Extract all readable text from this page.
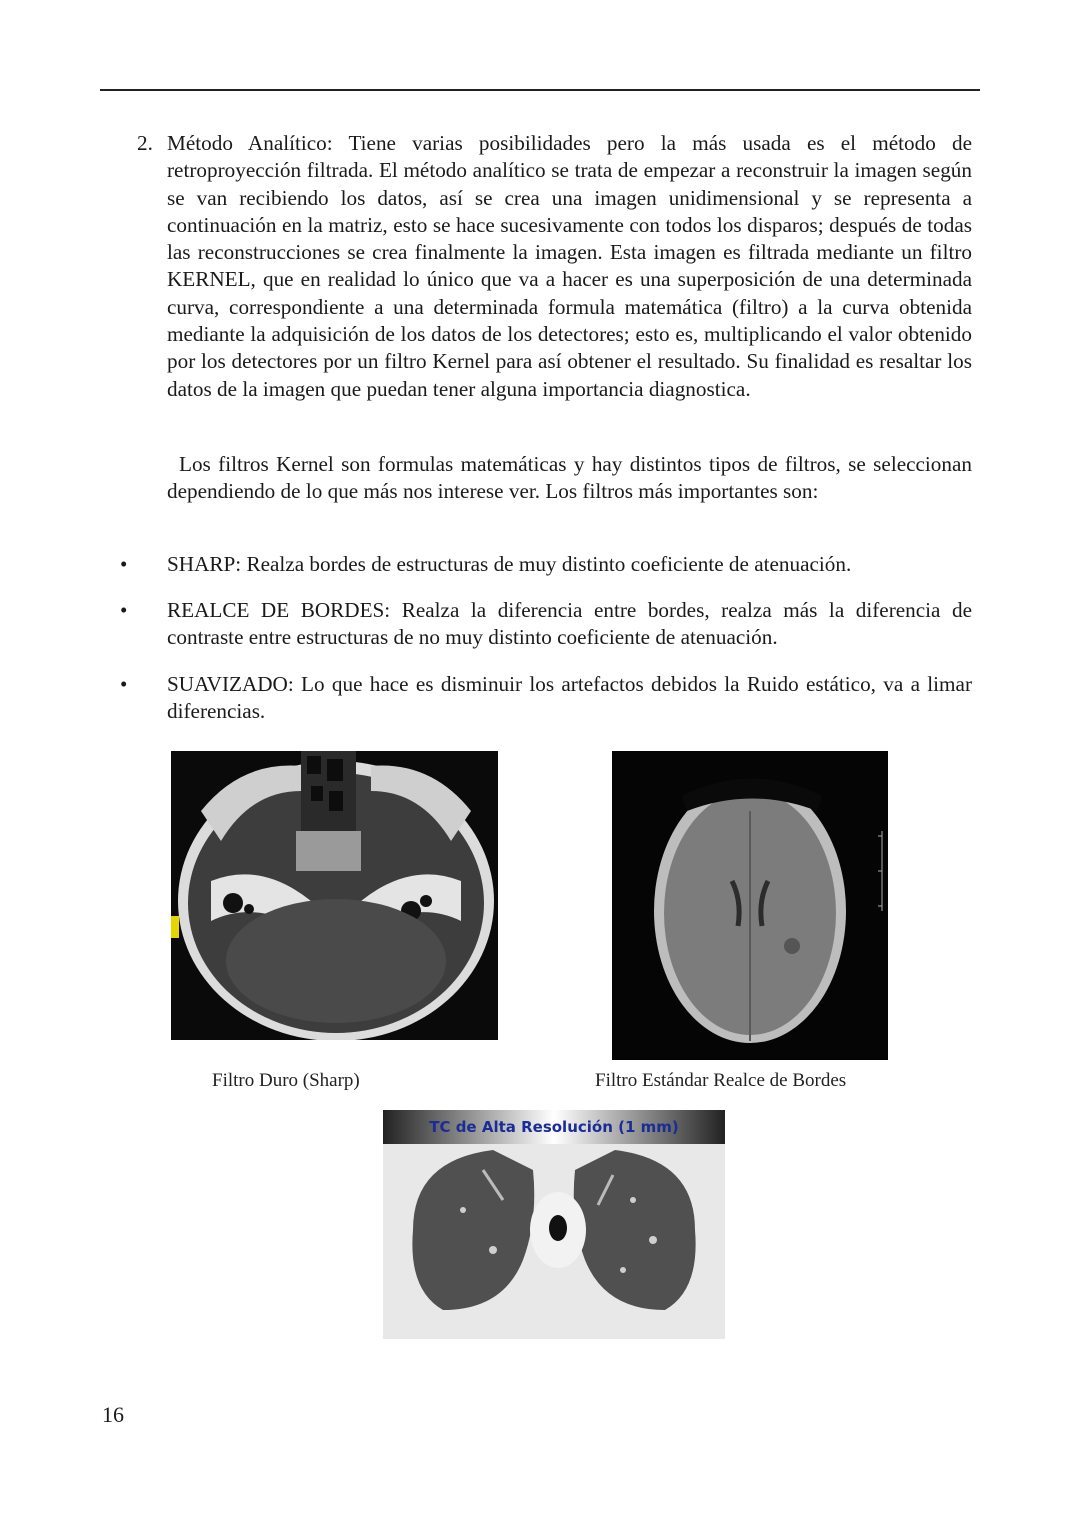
2. Método Analítico: Tiene varias posibilidades pero la más usada es el método de retroproyección filtrada. El método analítico se trata de empezar a reconstruir la imagen según se van recibiendo los datos, así se crea una imagen unidimensional y se representa a continuación en la matriz, esto se hace sucesivamente con todos los disparos; después de todas las reconstrucciones se crea finalmente la imagen. Esta imagen es filtrada mediante un filtro KERNEL, que en realidad lo único que va a hacer es una superposición de una determinada curva, correspondiente a una determinada formula matemática (filtro) a la curva obtenida mediante la adquisición de los datos de los detectores; esto es, multiplicando el valor obtenido por los detectores por un filtro Kernel para así obtener el resultado. Su finalidad es resaltar los datos de la imagen que puedan tener alguna importancia diagnostica.
Los filtros Kernel son formulas matemáticas y hay distintos tipos de filtros, se seleccionan dependiendo de lo que más nos interese ver. Los filtros más importantes son:
•	SHARP: Realza bordes de estructuras de muy distinto coeficiente de atenuación.
•	REALCE DE BORDES: Realza la diferencia entre bordes, realza más la diferencia de contraste entre estructuras de no muy distinto coeficiente de atenuación.
•	SUAVIZADO: Lo que hace es disminuir los artefactos debidos la Ruido estático, va a limar diferencias.
Filtro Duro (Sharp)	Filtro Estándar Realce de Bordes
TC de Alta Resolución (1 mm)
16
